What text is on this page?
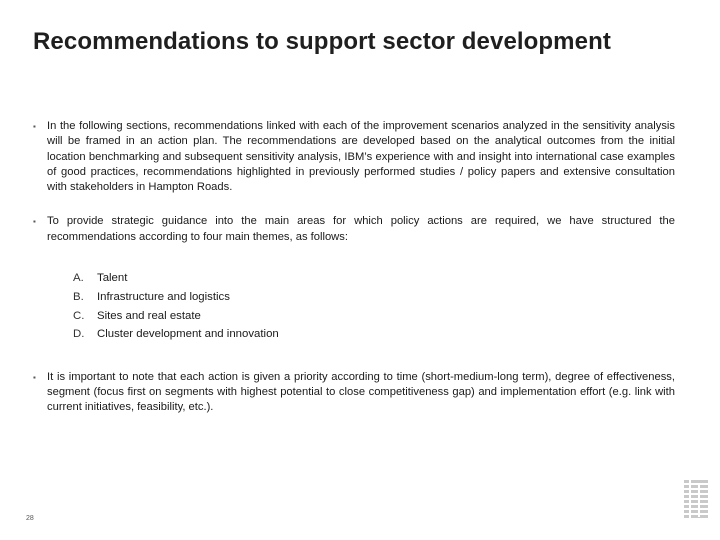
Recommendations to support sector development
▪ In the following sections, recommendations linked with each of the improvement scenarios analyzed in the sensitivity analysis will be framed in an action plan. The recommendations are developed based on the analytical outcomes from the initial location benchmarking and subsequent sensitivity analysis, IBM’s experience with and insight into international case examples of good practices, recommendations highlighted in previously performed studies / policy papers and extensive consultation with stakeholders in Hampton Roads.
▪ To provide strategic guidance into the main areas for which policy actions are required, we have structured the recommendations according to four main themes, as follows:
A.	Talent
B.	Infrastructure and logistics
C.	Sites and real estate
D.	Cluster development and innovation
▪ It is important to note that each action is given a priority according to time (short-medium-long term), degree of effectiveness, segment (focus first on segments with highest potential to close competitiveness gap) and implementation effort (e.g. link with current initiatives, feasibility, etc.).
28
